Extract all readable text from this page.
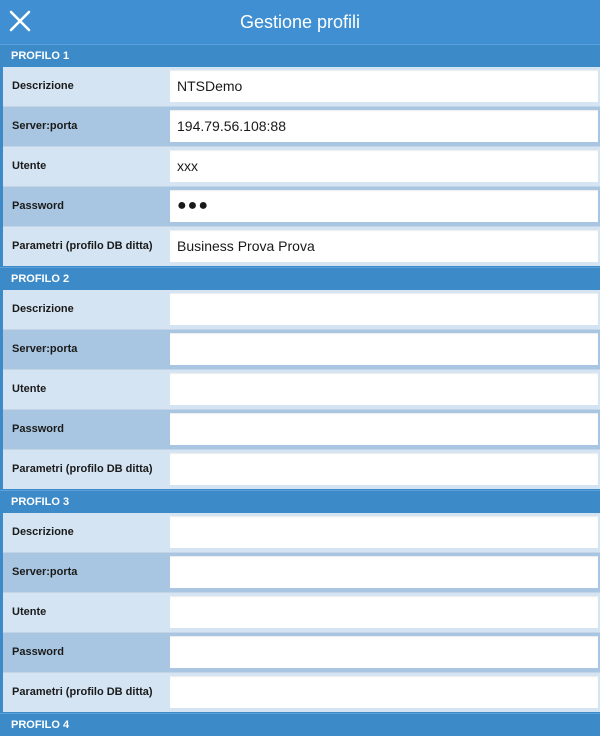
Gestione profili
PROFILO 1
Descrizione	NTSDemo
Server:porta	194.79.56.108:88
Utente	xxx
Password	●●●
Parametri (profilo DB ditta)	Business Prova Prova
PROFILO 2
Descrizione
Server:porta
Utente
Password
Parametri (profilo DB ditta)
PROFILO 3
Descrizione
Server:porta
Utente
Password
Parametri (profilo DB ditta)
PROFILO 4
